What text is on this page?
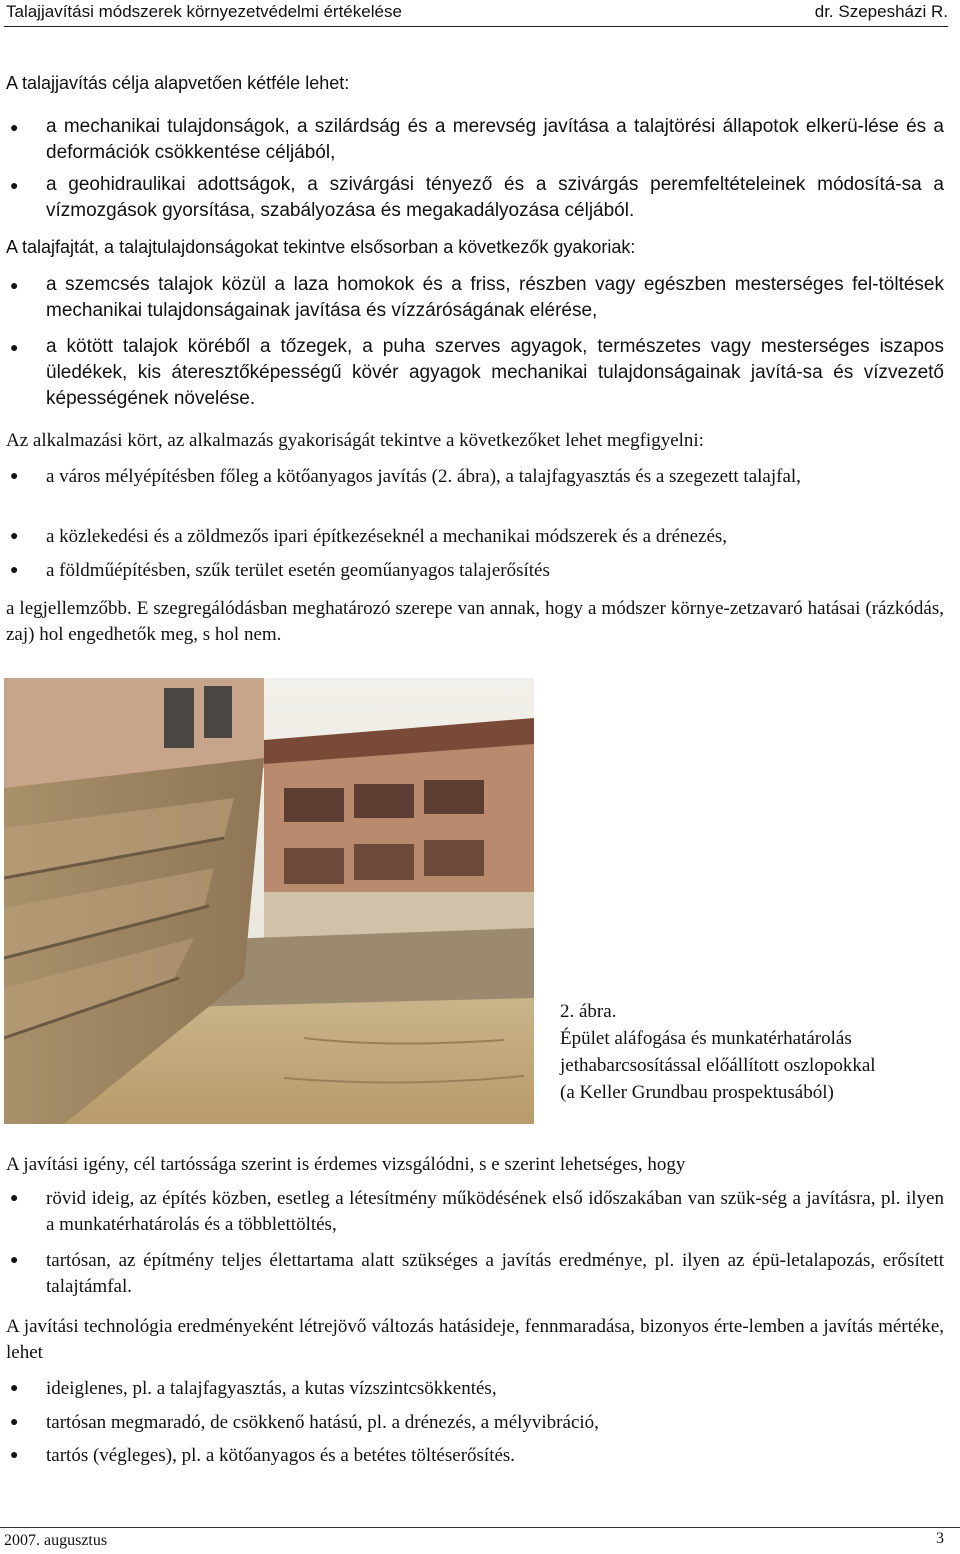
Talajjavítási módszerek környezetvédelmi értékelése	dr. Szepesházi R.

A talajjavítás célja alapvetően kétféle lehet:

●	a mechanikai tulajdonságok, a szilárdság és a merevség javítása a talajtörési állapotok elkerü-lése és a deformációk csökkentése céljából,
●	a geohidraulikai adottságok, a szivárgási tényező és a szivárgás peremfeltételeinek módosítá-sa a vízmozgások gyorsítása, szabályozása és megakadályozása céljából.

A talajfajtát, a talajtulajdonságokat tekintve elsősorban a következők gyakoriak:

●	a szemcsés talajok közül a laza homokok és a friss, részben vagy egészben mesterséges fel-töltések mechanikai tulajdonságainak javítása és vízzáróságának elérése,
●	a kötött talajok köréből a tőzegek, a puha szerves agyagok, természetes vagy mesterséges iszapos üledékek, kis áteresztőképességű kövér agyagok mechanikai tulajdonságainak javítá-sa és vízvezető képességének növelése.

Az alkalmazási kört, az alkalmazás gyakoriságát tekintve a következőket lehet megfigyelni:

●	a város mélyépítésben főleg a kötőanyagos javítás (2. ábra), a talajfagyasztás és a szegezett talajfal,
●	a közlekedési és a zöldmezős ipari építkezéseknél a mechanikai módszerek és a drénezés,
●	a földműépítésben, szűk terület esetén geoműanyagos talajerősítés

a legjellemzőbb. E szegregálódásban meghatározó szerepe van annak, hogy a módszer környe-zetzavaró hatásai (rázkódás, zaj) hol engedhetők meg, s hol nem.

2. ábra.
Épület aláfogása és munkatérhatárolás
jethabarcsosítással előállított oszlopokkal
(a Keller Grundbau prospektusából)

A javítási igény, cél tartóssága szerint is érdemes vizsgálódni, s e szerint lehetséges, hogy

●	rövid ideig, az építés közben, esetleg a létesítmény működésének első időszakában van szük-ség a javításra, pl. ilyen a munkatérhatárolás és a többlettöltés,
●	tartósan, az építmény teljes élettartama alatt szükséges a javítás eredménye, pl. ilyen az épü-letalapozás, erősített talajtámfal.

A javítási technológia eredményeként létrejövő változás hatásideje, fennmaradása, bizonyos érte-lemben a javítás mértéke, lehet

●	ideiglenes, pl. a talajfagyasztás, a kutas vízszintcsökkentés,
●	tartósan megmaradó, de csökkenő hatású, pl. a drénezés, a mélyvibráció,
●	tartós (végleges), pl. a kötőanyagos és a betétes töltéserősítés.
2007. augusztus	3
